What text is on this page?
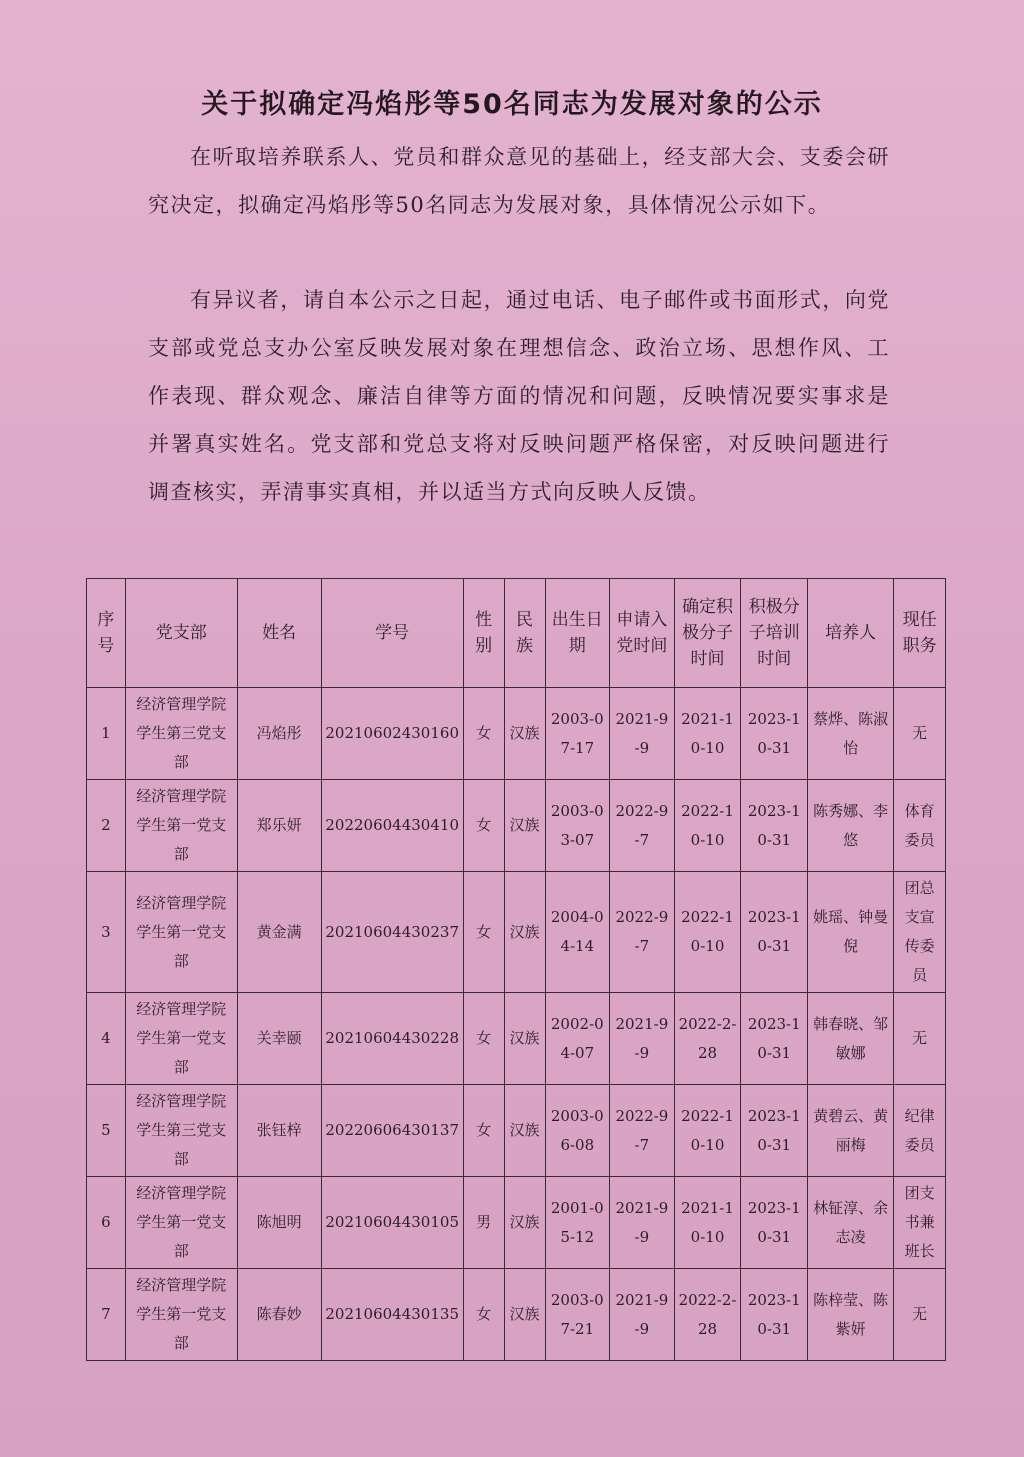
关于拟确定冯焰彤等50名同志为发展对象的公示

在听取培养联系人、党员和群众意见的基础上，经支部大会、支委会研究决定，拟确定冯焰彤等50名同志为发展对象，具体情况公示如下。

有异议者，请自本公示之日起，通过电话、电子邮件或书面形式，向党支部或党总支办公室反映发展对象在理想信念、政治立场、思想作风、工作表现、群众观念、廉洁自律等方面的情况和问题，反映情况要实事求是并署真实姓名。党支部和党总支将对反映问题严格保密，对反映问题进行调查核实，弄清事实真相，并以适当方式向反映人反馈。

序号	党支部	姓名	学号	性别	民族	出生日期	申请入党时间	确定积极分子时间	积极分子培训时间	培养人	现任职务
1	经济管理学院学生第三党支部	冯焰彤	20210602430160	女	汉族	2003-07-17	2021-9-9	2021-10-10	2023-10-31	蔡烨、陈淑怡	无
2	经济管理学院学生第一党支部	郑乐妍	20220604430410	女	汉族	2003-03-07	2022-9-7	2022-10-10	2023-10-31	陈秀娜、李悠	体育委员
3	经济管理学院学生第一党支部	黄金满	20210604430237	女	汉族	2004-04-14	2022-9-7	2022-10-10	2023-10-31	姚瑶、钟曼倪	团总支宣传委员
4	经济管理学院学生第一党支部	关幸颐	20210604430228	女	汉族	2002-04-07	2021-9-9	2022-2-28	2023-10-31	韩春晓、邹敏娜	无
5	经济管理学院学生第三党支部	张钰梓	20220606430137	女	汉族	2003-06-08	2022-9-7	2022-10-10	2023-10-31	黄碧云、黄丽梅	纪律委员
6	经济管理学院学生第一党支部	陈旭明	20210604430105	男	汉族	2001-05-12	2021-9-9	2021-10-10	2023-10-31	林钲淳、余志凌	团支书兼班长
7	经济管理学院学生第一党支部	陈春妙	20210604430135	女	汉族	2003-07-21	2021-9-9	2022-2-28	2023-10-31	陈梓莹、陈紫妍	无
